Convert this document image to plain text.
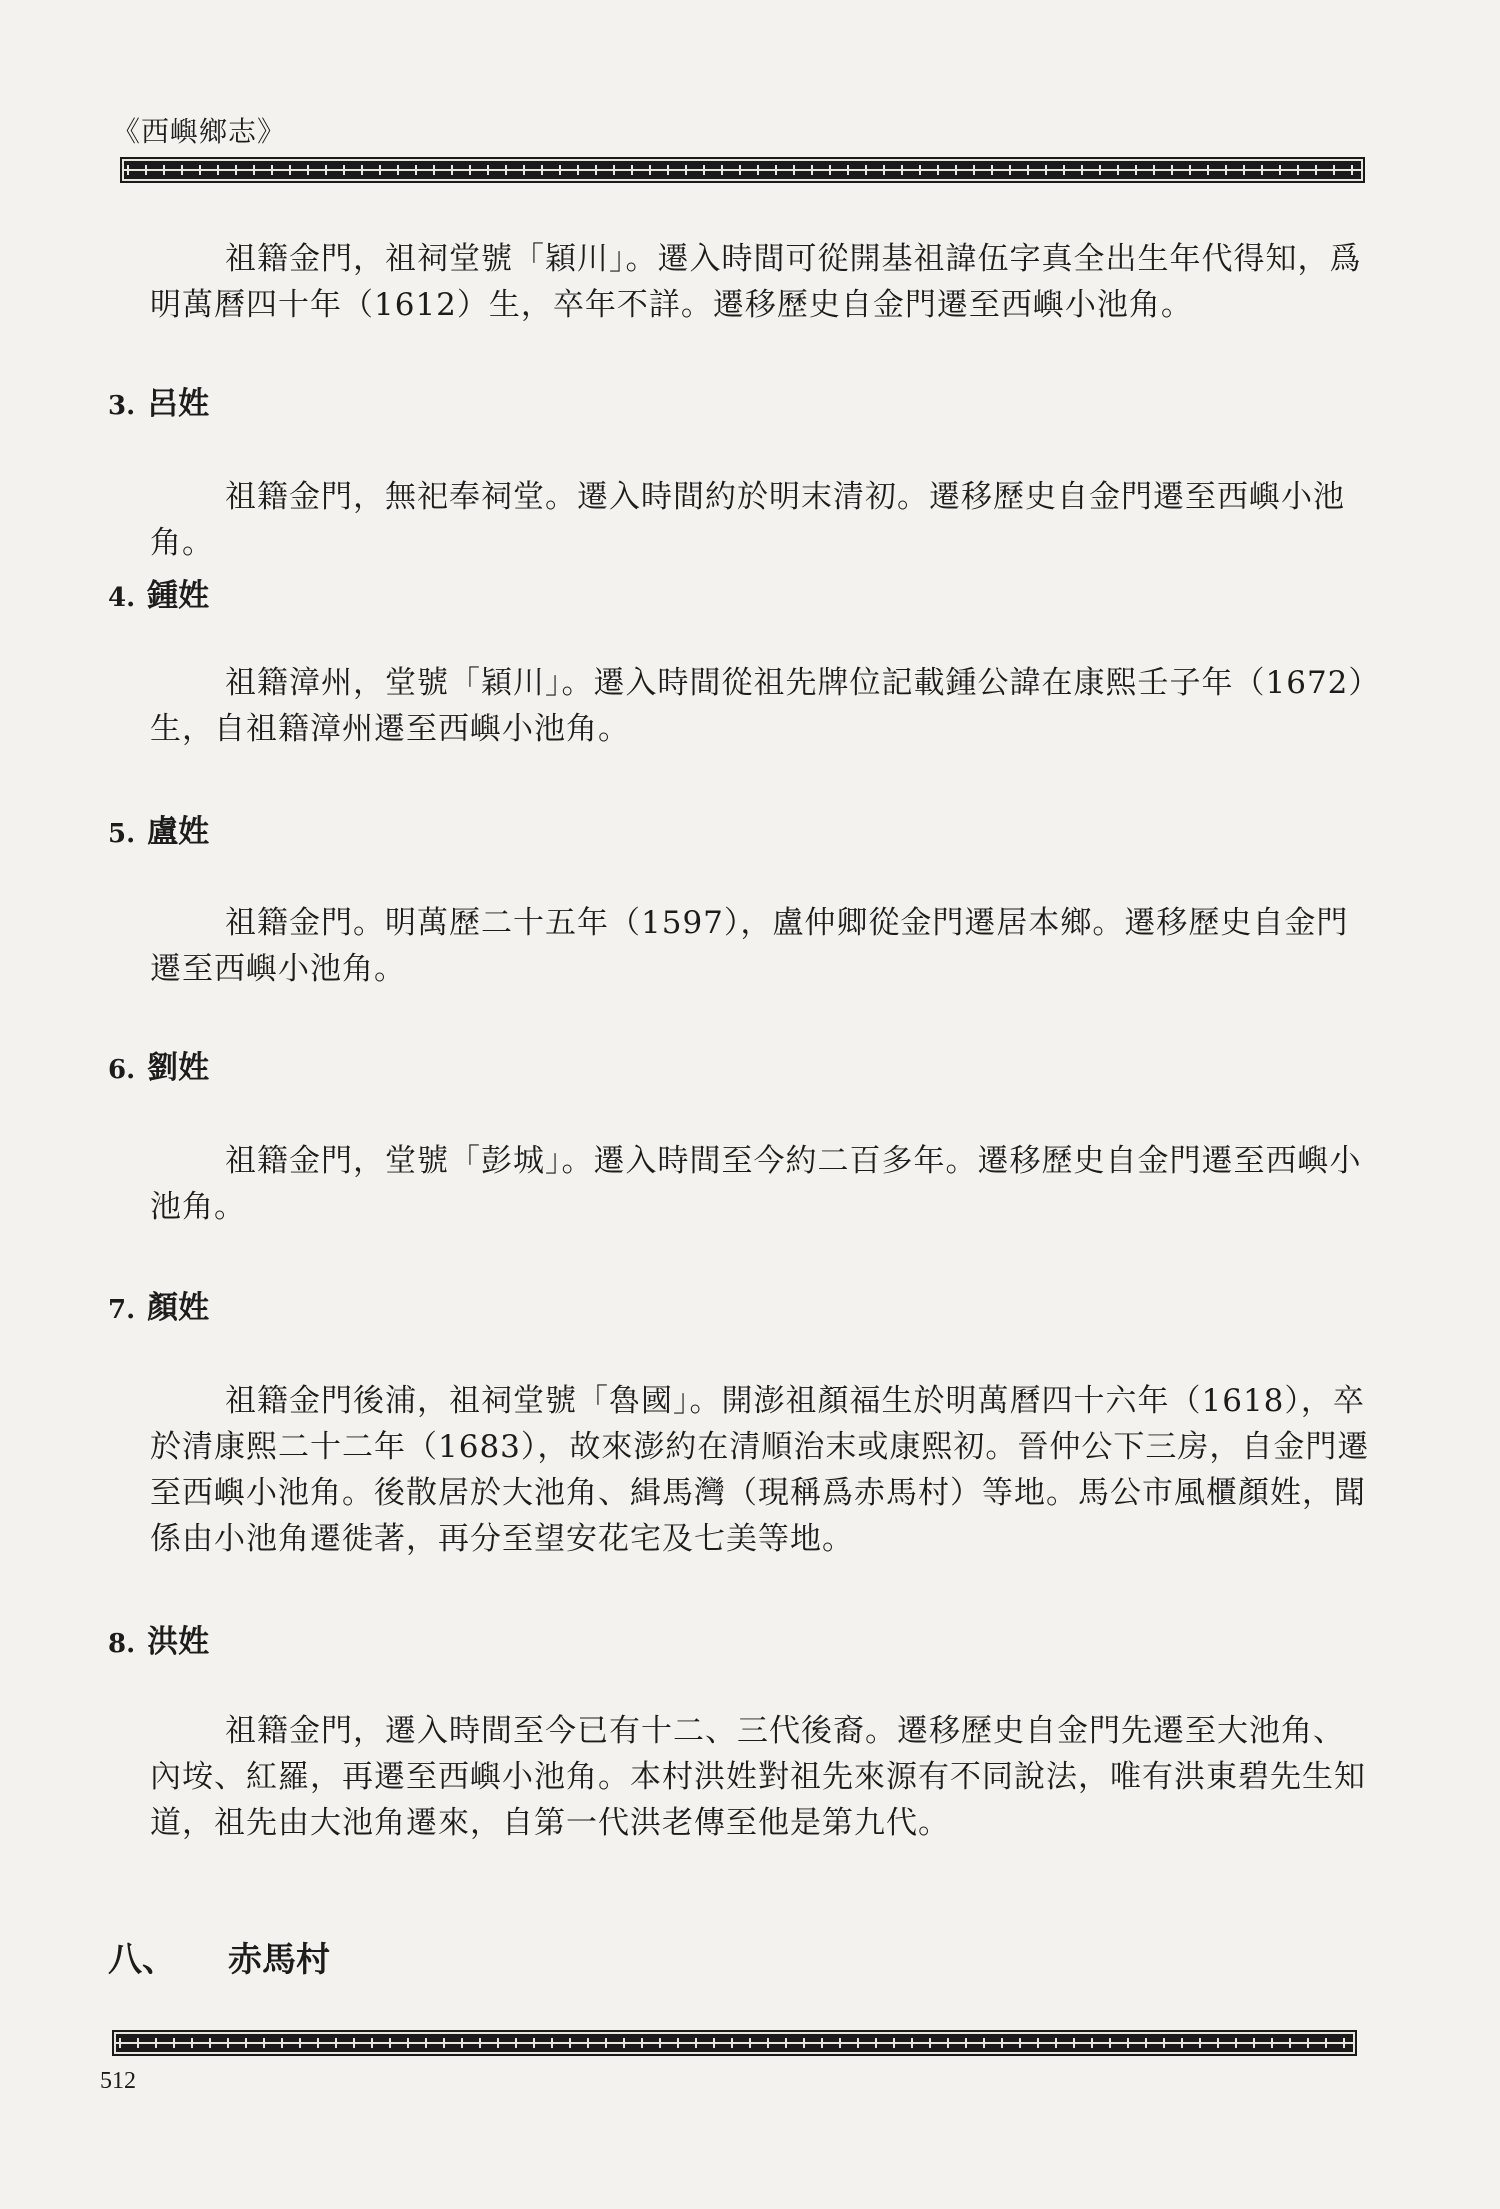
《西嶼鄉志》

祖籍金門，祖祠堂號「穎川」。遷入時間可從開基祖諱伍字真全出生年代得知，爲明萬曆四十年（1612）生，卒年不詳。遷移歷史自金門遷至西嶼小池角。

3. 呂姓

祖籍金門，無祀奉祠堂。遷入時間約於明末清初。遷移歷史自金門遷至西嶼小池角。

4. 鍾姓

祖籍漳州，堂號「穎川」。遷入時間從祖先牌位記載鍾公諱在康熙壬子年（1672）生，自祖籍漳州遷至西嶼小池角。

5. 盧姓

祖籍金門。明萬歷二十五年（1597），盧仲卿從金門遷居本鄉。遷移歷史自金門遷至西嶼小池角。

6. 劉姓

祖籍金門，堂號「彭城」。遷入時間至今約二百多年。遷移歷史自金門遷至西嶼小池角。

7. 顏姓

祖籍金門後浦，祖祠堂號「魯國」。開澎祖顏福生於明萬曆四十六年（1618），卒於清康熙二十二年（1683），故來澎約在清順治末或康熙初。晉仲公下三房，自金門遷至西嶼小池角。後散居於大池角、緝馬灣（現稱爲赤馬村）等地。馬公市風櫃顏姓，聞係由小池角遷徙著，再分至望安花宅及七美等地。

8. 洪姓

祖籍金門，遷入時間至今已有十二、三代後裔。遷移歷史自金門先遷至大池角、內垵、紅羅，再遷至西嶼小池角。本村洪姓對祖先來源有不同說法，唯有洪東碧先生知道，祖先由大池角遷來，自第一代洪老傳至他是第九代。

八、 赤馬村
512
